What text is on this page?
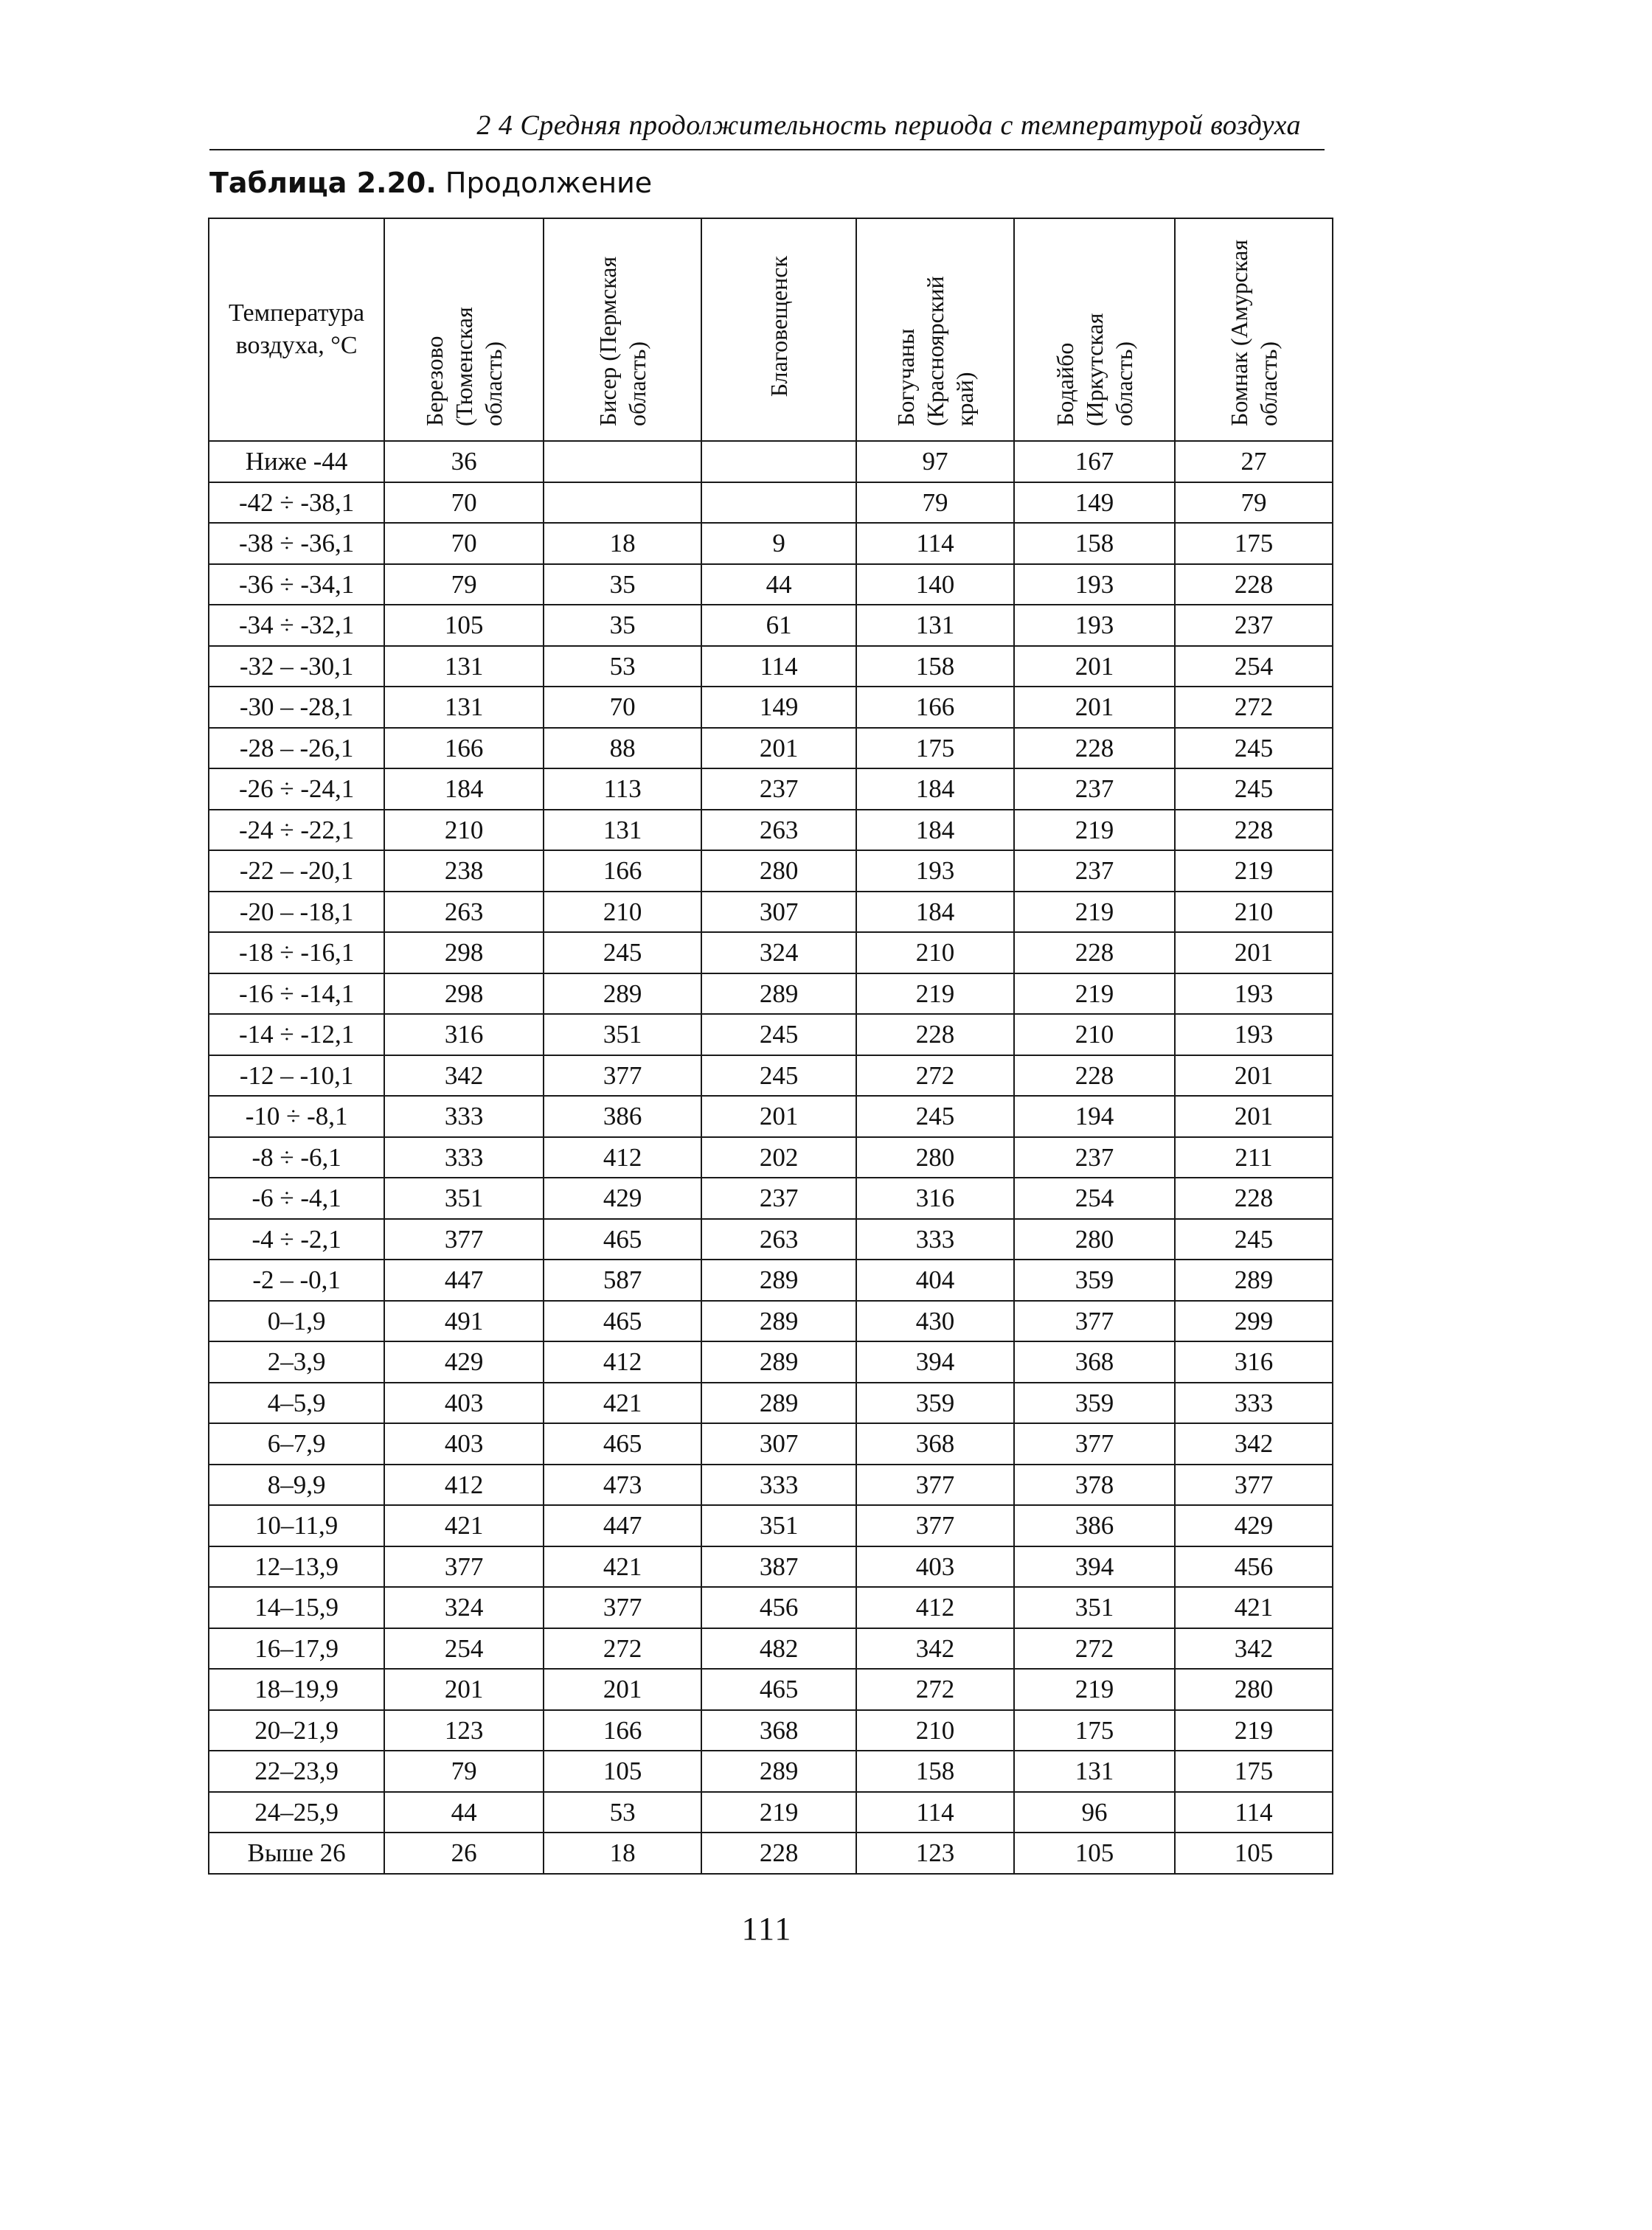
2 4 Средняя продолжительность периода с температурой воздуха
Таблица 2.20. Продолжение
Температура воздуха, °С	Березово (Тюменская область)	Бисер (Пермская область)	Благовещенск	Богучаны (Красноярский край)	Бодайбо (Иркутская область)	Бомнак (Амурская область)
Ниже -44	36			97	167	27
-42 ÷ -38,1	70			79	149	79
-38 ÷ -36,1	70	18	9	114	158	175
-36 ÷ -34,1	79	35	44	140	193	228
-34 ÷ -32,1	105	35	61	131	193	237
-32 – -30,1	131	53	114	158	201	254
-30 – -28,1	131	70	149	166	201	272
-28 – -26,1	166	88	201	175	228	245
-26 ÷ -24,1	184	113	237	184	237	245
-24 ÷ -22,1	210	131	263	184	219	228
-22 – -20,1	238	166	280	193	237	219
-20 – -18,1	263	210	307	184	219	210
-18 ÷ -16,1	298	245	324	210	228	201
-16 ÷ -14,1	298	289	289	219	219	193
-14 ÷ -12,1	316	351	245	228	210	193
-12 – -10,1	342	377	245	272	228	201
-10 ÷ -8,1	333	386	201	245	194	201
-8 ÷ -6,1	333	412	202	280	237	211
-6 ÷ -4,1	351	429	237	316	254	228
-4 ÷ -2,1	377	465	263	333	280	245
-2 – -0,1	447	587	289	404	359	289
0–1,9	491	465	289	430	377	299
2–3,9	429	412	289	394	368	316
4–5,9	403	421	289	359	359	333
6–7,9	403	465	307	368	377	342
8–9,9	412	473	333	377	378	377
10–11,9	421	447	351	377	386	429
12–13,9	377	421	387	403	394	456
14–15,9	324	377	456	412	351	421
16–17,9	254	272	482	342	272	342
18–19,9	201	201	465	272	219	280
20–21,9	123	166	368	210	175	219
22–23,9	79	105	289	158	131	175
24–25,9	44	53	219	114	96	114
Выше 26	26	18	228	123	105	105
111
